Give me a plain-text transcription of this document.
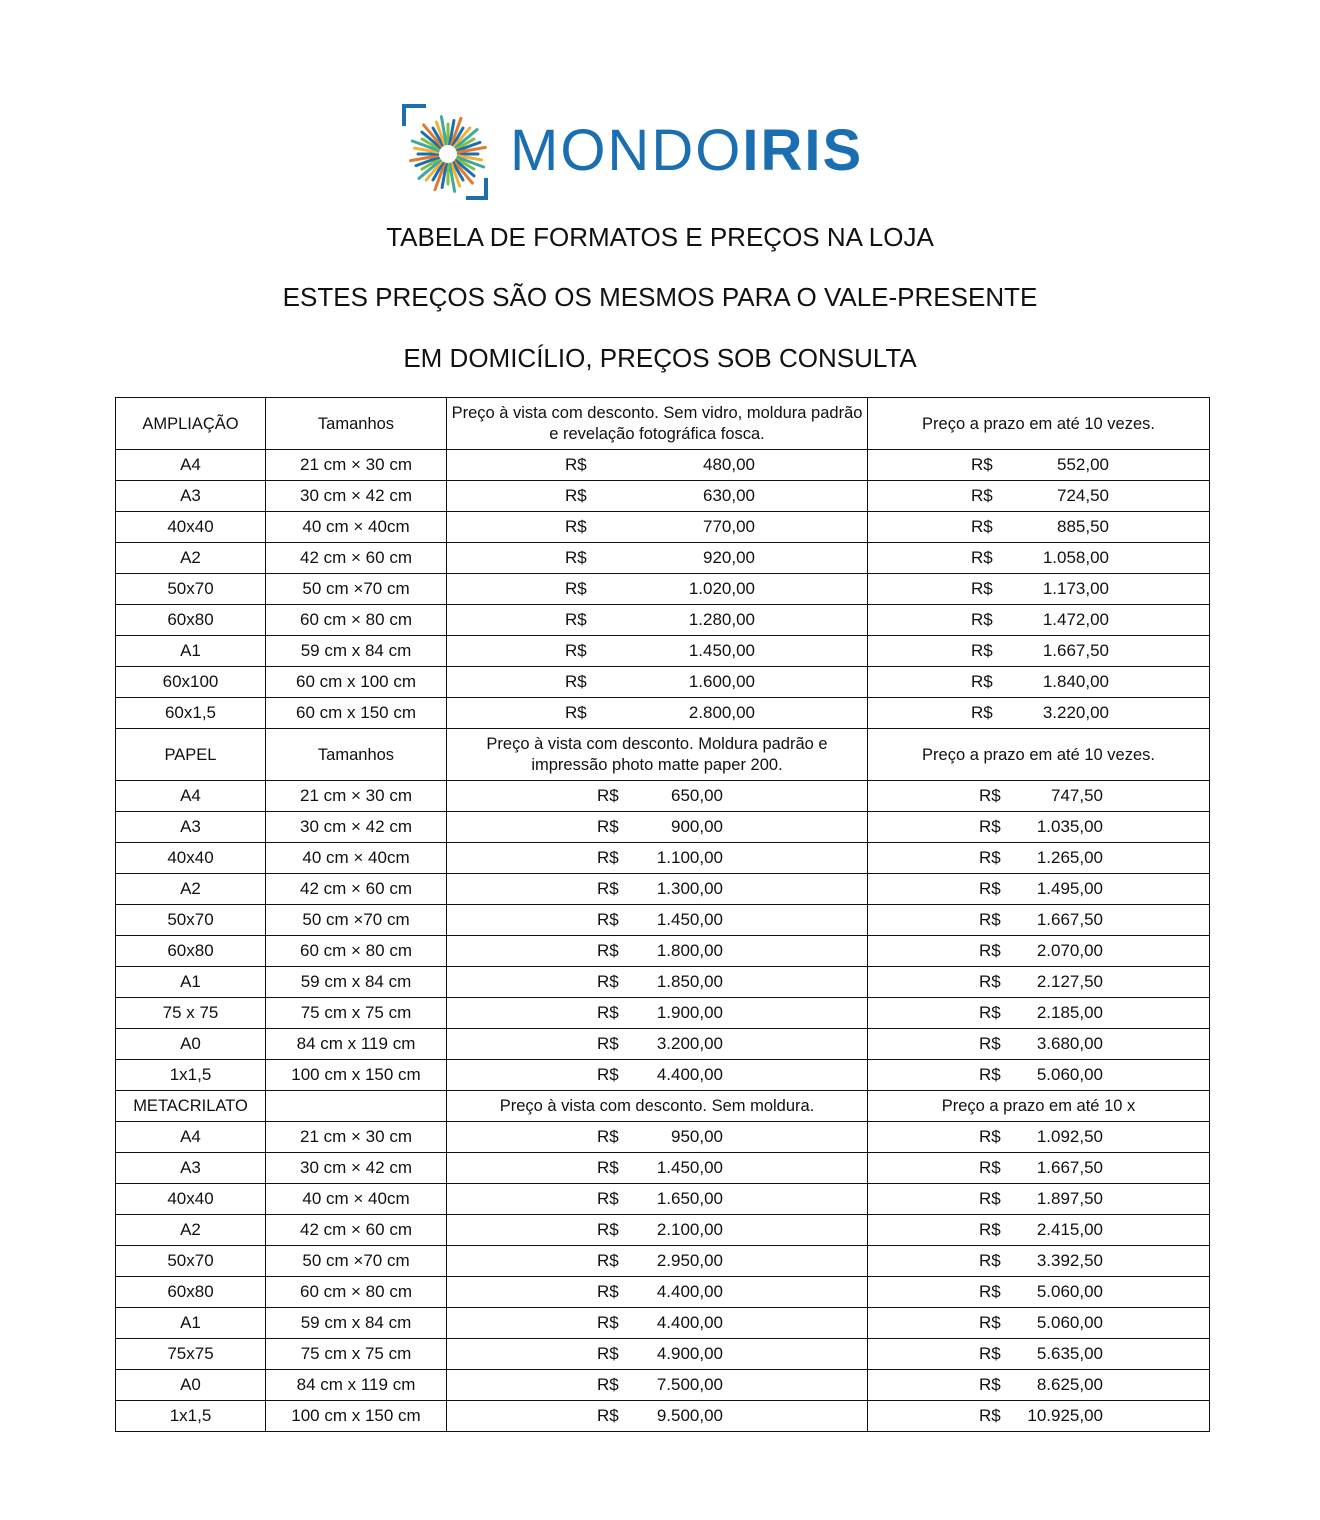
MONDOIRIS
TABELA DE FORMATOS E PREÇOS NA LOJA
ESTES PREÇOS SÃO OS MESMOS PARA O VALE-PRESENTE
EM DOMICÍLIO, PREÇOS SOB CONSULTA
AMPLIAÇÃO	Tamanhos	Preço à vista com desconto. Sem vidro, moldura padrão e revelação fotográfica fosca.	Preço a prazo em até 10 vezes.
A4	21 cm × 30 cm	R$ 480,00	R$ 552,00

A3	30 cm × 42 cm	R$ 630,00	R$ 724,50

40x40	40 cm × 40cm	R$ 770,00	R$ 885,50

A2	42 cm × 60 cm	R$ 920,00	R$ 1.058,00

50x70	50 cm ×70 cm	R$ 1.020,00	R$ 1.173,00

60x80	60 cm × 80 cm	R$ 1.280,00	R$ 1.472,00

A1	59 cm x 84 cm	R$ 1.450,00	R$ 1.667,50

60x100	60 cm x 100 cm	R$ 1.600,00	R$ 1.840,00

60x1,5	60 cm x 150 cm	R$ 2.800,00	R$ 3.220,00

PAPEL	Tamanhos	Preço à vista com desconto. Moldura padrão e impressão photo matte paper 200.	Preço a prazo em até 10 vezes.
A4	21 cm × 30 cm	R$ 650,00	R$ 747,50

A3	30 cm × 42 cm	R$ 900,00	R$ 1.035,00

40x40	40 cm × 40cm	R$ 1.100,00	R$ 1.265,00

A2	42 cm × 60 cm	R$ 1.300,00	R$ 1.495,00

50x70	50 cm ×70 cm	R$ 1.450,00	R$ 1.667,50

60x80	60 cm × 80 cm	R$ 1.800,00	R$ 2.070,00

A1	59 cm x 84 cm	R$ 1.850,00	R$ 2.127,50

75 x 75	75 cm x 75 cm	R$ 1.900,00	R$ 2.185,00

A0	84 cm x 119 cm	R$ 3.200,00	R$ 3.680,00

1x1,5	100 cm x 150 cm	R$ 4.400,00	R$ 5.060,00

METACRILATO		Preço à vista com desconto. Sem moldura.	Preço a prazo em até 10 x
A4	21 cm × 30 cm	R$ 950,00	R$ 1.092,50

A3	30 cm × 42 cm	R$ 1.450,00	R$ 1.667,50

40x40	40 cm × 40cm	R$ 1.650,00	R$ 1.897,50

A2	42 cm × 60 cm	R$ 2.100,00	R$ 2.415,00

50x70	50 cm ×70 cm	R$ 2.950,00	R$ 3.392,50

60x80	60 cm × 80 cm	R$ 4.400,00	R$ 5.060,00

A1	59 cm x 84 cm	R$ 4.400,00	R$ 5.060,00

75x75	75 cm x 75 cm	R$ 4.900,00	R$ 5.635,00

A0	84 cm x 119 cm	R$ 7.500,00	R$ 8.625,00

1x1,5	100 cm x 150 cm	R$ 9.500,00	R$ 10.925,00
